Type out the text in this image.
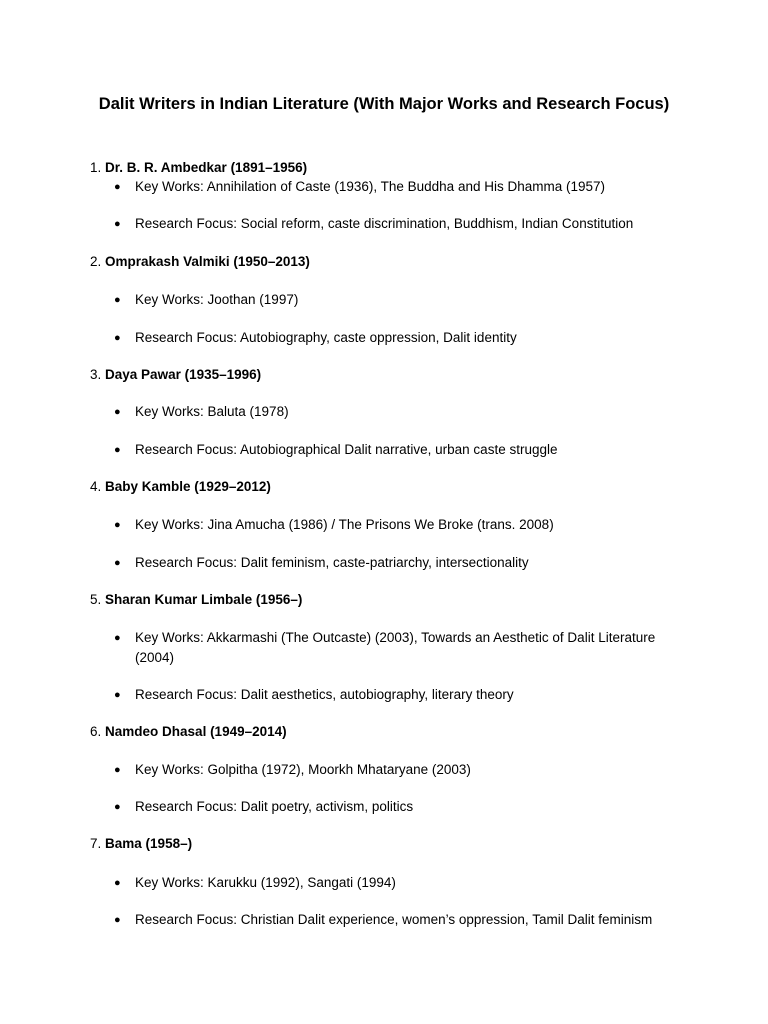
Dalit Writers in Indian Literature (With Major Works and Research Focus)
1. Dr. B. R. Ambedkar (1891–1956)
● Key Works: Annihilation of Caste (1936), The Buddha and His Dhamma (1957)
● Research Focus: Social reform, caste discrimination, Buddhism, Indian Constitution
2. Omprakash Valmiki (1950–2013)
● Key Works: Joothan (1997)
● Research Focus: Autobiography, caste oppression, Dalit identity
3. Daya Pawar (1935–1996)
● Key Works: Baluta (1978)
● Research Focus: Autobiographical Dalit narrative, urban caste struggle
4. Baby Kamble (1929–2012)
● Key Works: Jina Amucha (1986) / The Prisons We Broke (trans. 2008)
● Research Focus: Dalit feminism, caste-patriarchy, intersectionality
5. Sharan Kumar Limbale (1956–)
● Key Works: Akkarmashi (The Outcaste) (2003), Towards an Aesthetic of Dalit Literature (2004)
● Research Focus: Dalit aesthetics, autobiography, literary theory
6. Namdeo Dhasal (1949–2014)
● Key Works: Golpitha (1972), Moorkh Mhataryane (2003)
● Research Focus: Dalit poetry, activism, politics
7. Bama (1958–)
● Key Works: Karukku (1992), Sangati (1994)
● Research Focus: Christian Dalit experience, women’s oppression, Tamil Dalit feminism
